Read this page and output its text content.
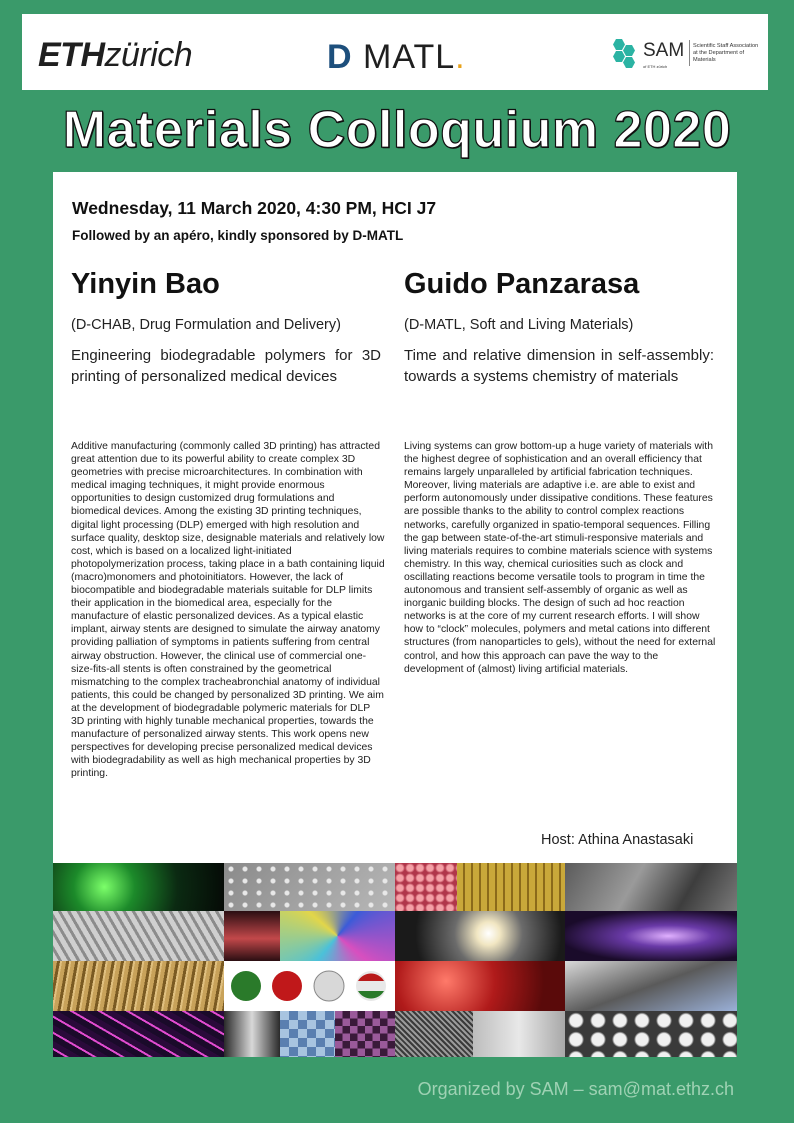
ETHzürich	D MATL.	SAM
of ETH zürich
Scientific Staff Association at the Department of Materials
Materials Colloquium 2020
Wednesday, 11 March 2020, 4:30 PM, HCI J7
Followed by an apéro, kindly sponsored by D-MATL
Yinyin Bao
(D-CHAB, Drug Formulation and Delivery)
Engineering biodegradable polymers for 3D printing of personalized medical devices
Additive manufacturing (commonly called 3D printing) has attracted great attention due to its powerful ability to create complex 3D geometries with precise microarchitectures. In combination with medical imaging techniques, it might provide enormous opportunities to design customized drug formulations and biomedical devices. Among the existing 3D printing techniques, digital light processing (DLP) emerged with high resolution and surface quality, desktop size, designable materials and relatively low cost, which is based on a localized light-initiated photopolymerization process, taking place in a bath containing liquid (macro)monomers and photoinitiators. However, the lack of biocompatible and biodegradable materials suitable for DLP limits their application in the biomedical area, especially for the manufacture of elastic personalized devices. As a typical elastic implant, airway stents are designed to simulate the airway anatomy providing palliation of symptoms in patients suffering from central airway obstruction. However, the clinical use of commercial one-size-fits-all stents is often constrained by the geometrical mismatching to the complex tracheabronchial anatomy of individual patients, this could be changed by personalized 3D printing. We aim at the development of biodegradable polymeric materials for DLP 3D printing with highly tunable mechanical properties, towards the manufacture of personalized airway stents. This work opens new perspectives for developing precise personalized medical devices with biodegradability as well as high mechanical properties by 3D printing.
Guido Panzarasa
(D-MATL, Soft and Living Materials)
Time and relative dimension in self-assembly: towards a systems chemistry of materials
Living systems can grow bottom-up a huge variety of materials with the highest degree of sophistication and an overall efficiency that remains largely unparalleled by artificial fabrication techniques. Moreover, living materials are adaptive i.e. are able to exist and perform autonomously under dissipative conditions. These features are possible thanks to the ability to control complex reactions networks, carefully organized in spatio-temporal sequences. Filling the gap between state-of-the-art stimuli-responsive materials and living materials requires to combine materials science with systems chemistry. In this way, chemical curiosities such as clock and oscillating reactions become versatile tools to program in time the autonomous and transient self-assembly of organic as well as inorganic building blocks. The design of such ad hoc reaction networks is at the core of my current research efforts. I will show how to “clock” molecules, polymers and metal cations into different structures (from nanoparticles to gels), without the need for external control, and how this approach can pave the way to the development of (almost) living artificial materials.
Host: Athina Anastasaki
Organized by SAM – sam@mat.ethz.ch
